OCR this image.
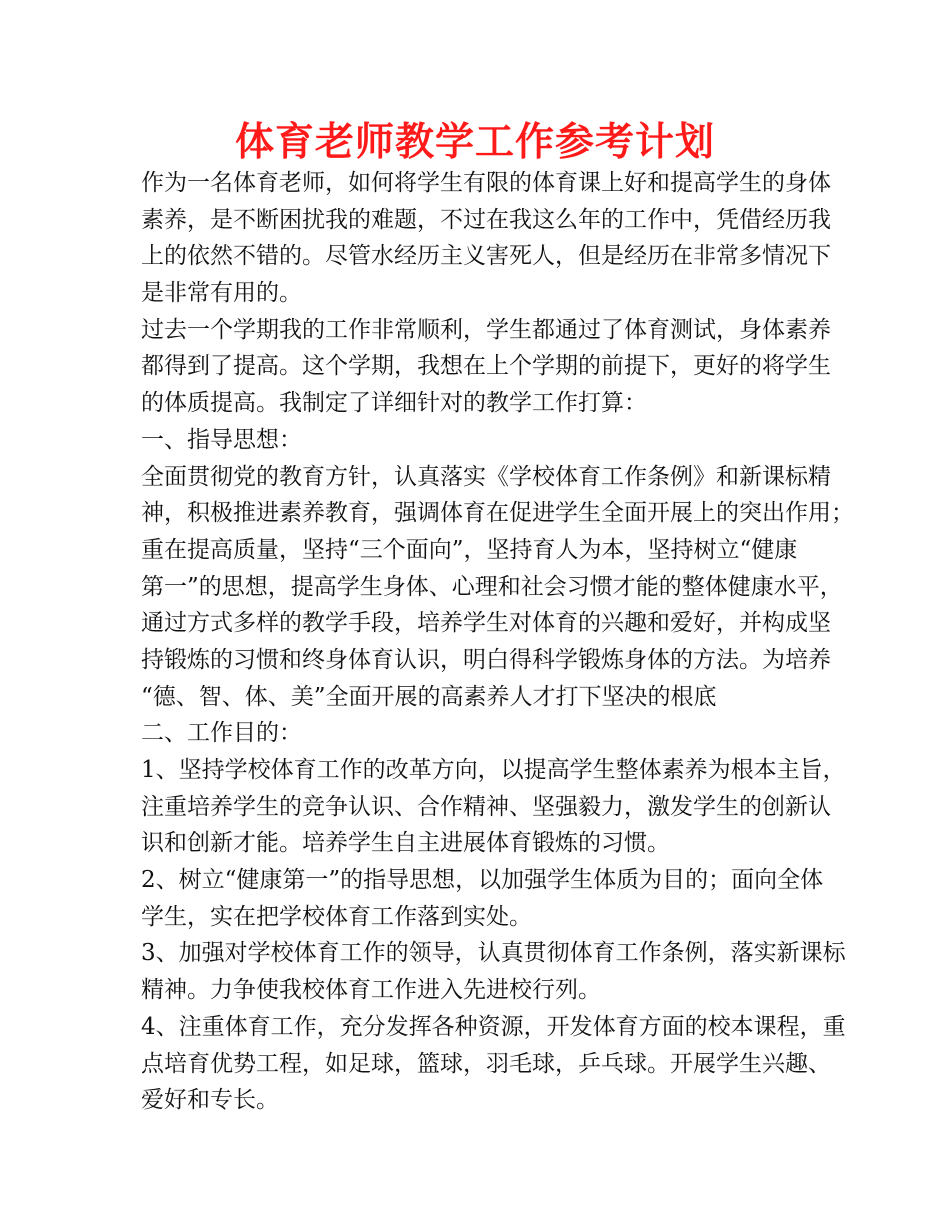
体育老师教学工作参考计划
作为一名体育老师，如何将学生有限的体育课上好和提高学生的身体
素养，是不断困扰我的难题，不过在我这么年的工作中，凭借经历我
上的依然不错的。尽管水经历主义害死人，但是经历在非常多情况下
是非常有用的。
过去一个学期我的工作非常顺利，学生都通过了体育测试，身体素养
都得到了提高。这个学期，我想在上个学期的前提下，更好的将学生
的体质提高。我制定了详细针对的教学工作打算：
一、指导思想：
全面贯彻党的教育方针，认真落实《学校体育工作条例》和新课标精
神，积极推进素养教育，强调体育在促进学生全面开展上的突出作用；
重在提高质量，坚持“三个面向”，坚持育人为本，坚持树立“健康
第一”的思想，提高学生身体、心理和社会习惯才能的整体健康水平，
通过方式多样的教学手段，培养学生对体育的兴趣和爱好，并构成坚
持锻炼的习惯和终身体育认识，明白得科学锻炼身体的方法。为培养
“德、智、体、美”全面开展的高素养人才打下坚决的根底
二、工作目的：
1、坚持学校体育工作的改革方向，以提高学生整体素养为根本主旨，
注重培养学生的竞争认识、合作精神、坚强毅力，激发学生的创新认
识和创新才能。培养学生自主进展体育锻炼的习惯。
2、树立“健康第一”的指导思想，以加强学生体质为目的；面向全体
学生，实在把学校体育工作落到实处。
3、加强对学校体育工作的领导，认真贯彻体育工作条例，落实新课标
精神。力争使我校体育工作进入先进校行列。
4、注重体育工作，充分发挥各种资源，开发体育方面的校本课程，重
点培育优势工程，如足球，篮球，羽毛球，乒乓球。开展学生兴趣、
爱好和专长。
